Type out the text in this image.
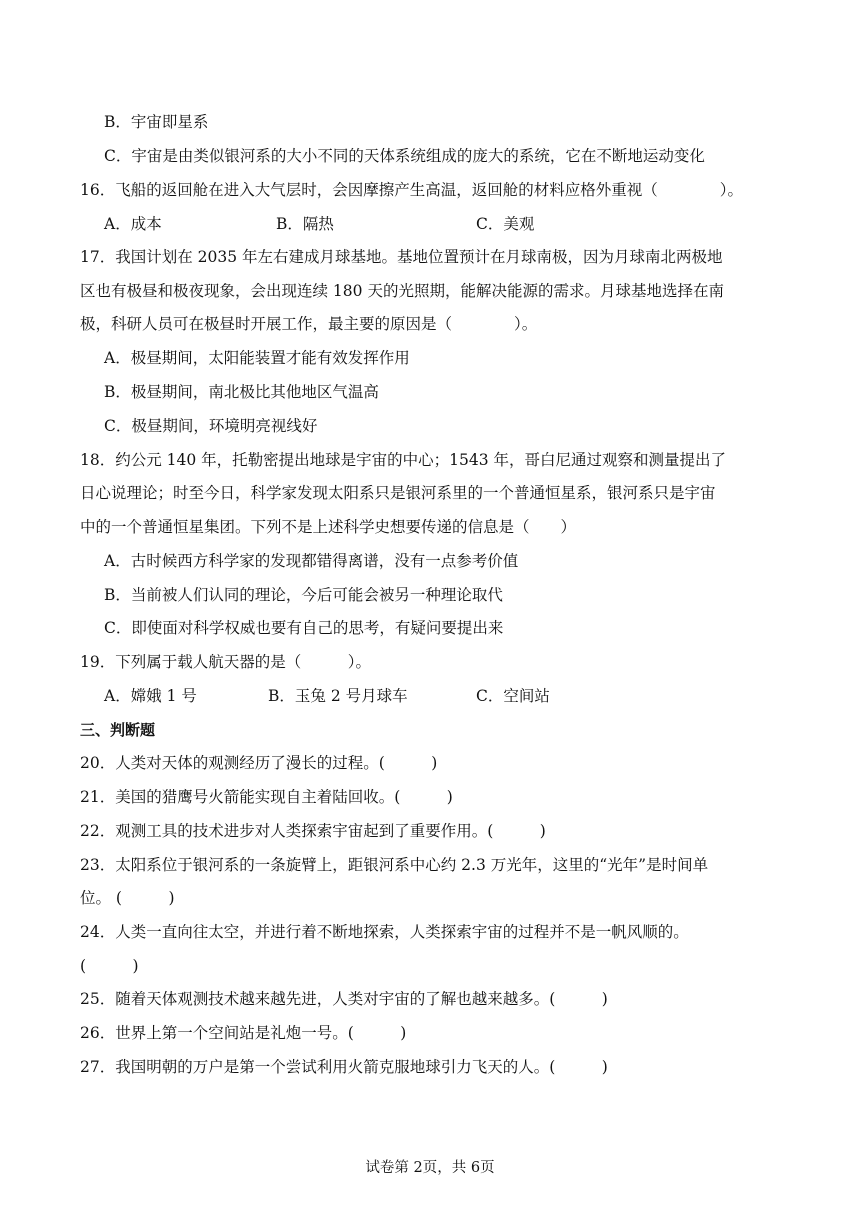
B．宇宙即星系
C．宇宙是由类似银河系的大小不同的天体系统组成的庞大的系统，它在不断地运动变化
16．飞船的返回舱在进入大气层时，会因摩擦产生高温，返回舱的材料应格外重视（　　　　）。
A．成本	B．隔热	C．美观
17．我国计划在 2035 年左右建成月球基地。基地位置预计在月球南极，因为月球南北两极地
区也有极昼和极夜现象，会出现连续 180 天的光照期，能解决能源的需求。月球基地选择在南
极，科研人员可在极昼时开展工作，最主要的原因是（　　　　）。
A．极昼期间，太阳能装置才能有效发挥作用
B．极昼期间，南北极比其他地区气温高
C．极昼期间，环境明亮视线好
18．约公元 140 年，托勒密提出地球是宇宙的中心；1543 年，哥白尼通过观察和测量提出了
日心说理论；时至今日，科学家发现太阳系只是银河系里的一个普通恒星系，银河系只是宇宙
中的一个普通恒星集团。下列不是上述科学史想要传递的信息是（　　）
A．古时候西方科学家的发现都错得离谱，没有一点参考价值
B．当前被人们认同的理论，今后可能会被另一种理论取代
C．即使面对科学权威也要有自己的思考，有疑问要提出来
19．下列属于载人航天器的是（　　　）。
A．嫦娥 1 号	B．玉兔 2 号月球车	C．空间站
三、判断题
20．人类对天体的观测经历了漫长的过程。(　　　)
21．美国的猎鹰号火箭能实现自主着陆回收。(　　　)
22．观测工具的技术进步对人类探索宇宙起到了重要作用。(　　　)
23．太阳系位于银河系的一条旋臂上，距银河系中心约 2.3 万光年，这里的“光年”是时间单
位。 (　　　)
24．人类一直向往太空，并进行着不断地探索，人类探索宇宙的过程并不是一帆风顺的。
(　　　)
25．随着天体观测技术越来越先进，人类对宇宙的了解也越来越多。(　　　)
26．世界上第一个空间站是礼炮一号。(　　　)
27．我国明朝的万户是第一个尝试利用火箭克服地球引力飞天的人。(　　　)
试卷第 2页，共 6页
